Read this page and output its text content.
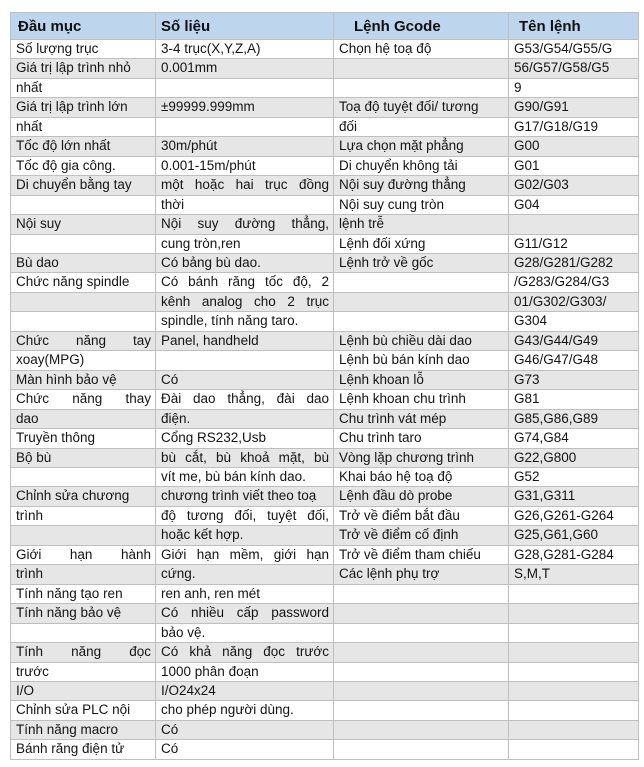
Đầu mục	Số liệu	Lệnh Gcode	Tên lệnh
Số lượng trục	3-4 trục(X,Y,Z,A)	Chọn hệ toạ độ	G53/G54/G55/G
Giá trị lập trình nhỏ	0.001mm		56/G57/G58/G5
nhất			9
Giá trị lập trình lớn	±99999.999mm	Toạ độ tuyệt đối/ tương	G90/G91
nhất		đối	G17/G18/G19
Tốc độ lớn nhất	30m/phút	Lựa chọn mặt phẳng	G00
Tốc độ gia công.	0.001-15m/phút	Di chuyển không tải	G01
Di chuyển bằng tay	một hoặc hai trục đồng	Nội suy đường thẳng	G02/G03
	thời	Nội suy cung tròn	G04
Nội suy	Nội suy đường thẳng,	lệnh trễ	
	cung tròn,ren	Lệnh đối xứng	G11/G12
Bù dao	Có bảng bù dao.	Lệnh trở về gốc	G28/G281/G282
Chức năng spindle	Có bánh răng tốc độ, 2		/G283/G284/G3
	kênh analog cho 2 trục		01/G302/G303/
	spindle, tính năng taro.		G304
Chức năng tay	Panel, handheld	Lệnh bù chiều dài dao	G43/G44/G49
xoay(MPG)		Lệnh bù bán kính dao	G46/G47/G48
Màn hình bảo vệ	Có	Lệnh khoan lỗ	G73
Chức năng thay	Đài dao thẳng, đài dao	Lệnh khoan chu trình	G81
dao	điện.	Chu trình vát mép	G85,G86,G89
Truyền thông	Cổng RS232,Usb	Chu trình taro	G74,G84
Bộ bù	bù cắt, bù khoả mặt, bù	Vòng lặp chương trình	G22,G800
	vít me, bù bán kính dao.	Khai báo hệ toạ độ	G52
Chỉnh sửa chương	chương trình viết theo toạ	Lệnh đầu dò probe	G31,G311
trình	độ tương đối, tuyệt đối,	Trở về điểm bắt đầu	G26,G261-G264
	hoặc kết hợp.	Trở về điểm cố định	G25,G61,G60
Giới hạn hành	Giới hạn mềm, giới hạn	Trở về điểm tham chiếu	G28,G281-G284
trình	cứng.	Các lệnh phụ trợ	S,M,T
Tính năng tạo ren	ren anh, ren mét		
Tính năng bảo vệ	Có nhiều cấp password		
	bảo vệ.		
Tính năng đọc	Có khả năng đọc trước		
trước	1000 phân đoạn		
I/O	I/O24x24		
Chỉnh sửa PLC nội	cho phép người dùng.		
Tính năng macro	Có		
Bánh răng điện tử	Có		
